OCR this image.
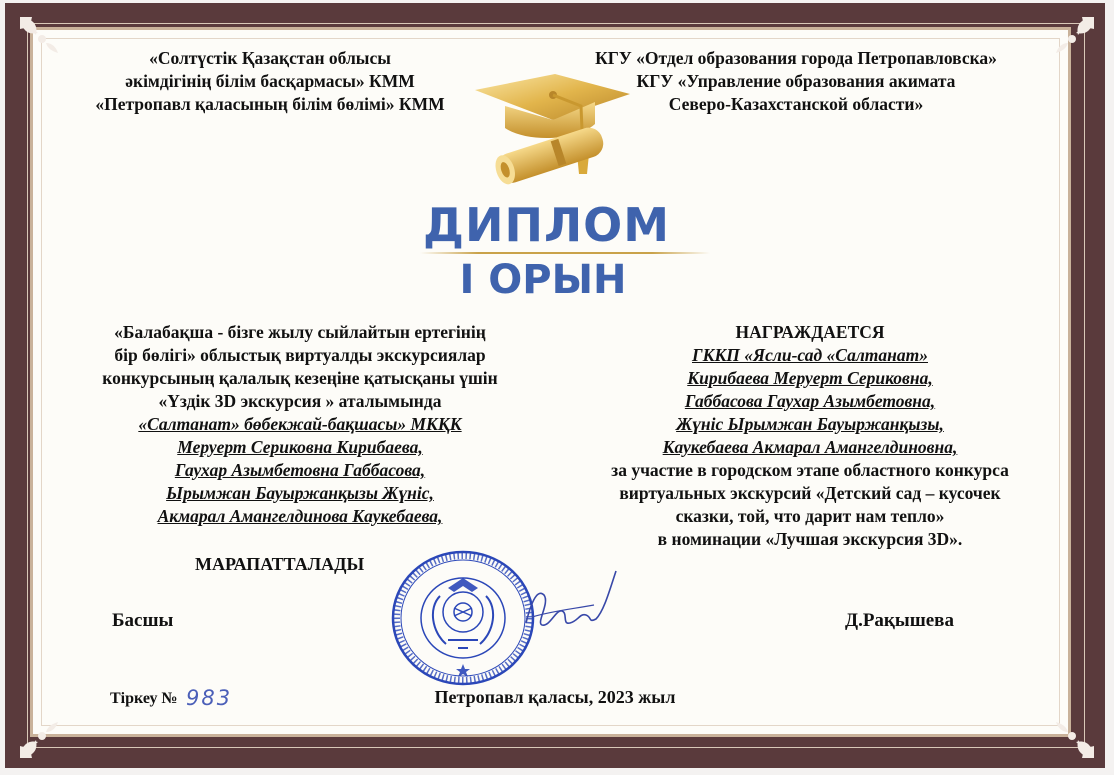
«Солтүстік Қазақстан облысы
әкімдігінің білім басқармасы» КММ
«Петропавл қаласының білім бөлімі» КММ
КГУ «Отдел образования города Петропавловска»
КГУ «Управление образования акимата
Северо-Казахстанской области»
ДИПЛОМ
І ОРЫН
«Балабақша - бізге жылу сыйлайтын ертегінің
бір бөлігі» облыстық виртуалды экскурсиялар
конкурсының қалалық кезеңіне қатысқаны үшін
«Үздік 3D экскурсия » аталымында
«Салтанат» бөбекжай-бақшасы» МКҚК
Меруерт Сериковна Кирибаева,
Гаухар Азымбетовна Габбасова,
Ырымжан Бауыржанқызы Жүніс,
Акмарал Амангелдинова Каукебаева,
МАРАПАТТАЛАДЫ
НАГРАЖДАЕТСЯ
ГККП «Ясли-сад «Салтанат»
Кирибаева Меруерт Сериковна,
Габбасова Гаухар Азымбетовна,
Жүніс Ырымжан Бауыржанқызы,
Каукебаева Акмарал Амангелдиновна,
за участие в городском этапе областного конкурса
виртуальных экскурсий «Детский сад – кусочек
сказки, той, что дарит нам тепло»
в номинации «Лучшая экскурсия 3D».
Басшы	Д.Рақышева
Тіркеу № 983	Петропавл қаласы, 2023 жыл
